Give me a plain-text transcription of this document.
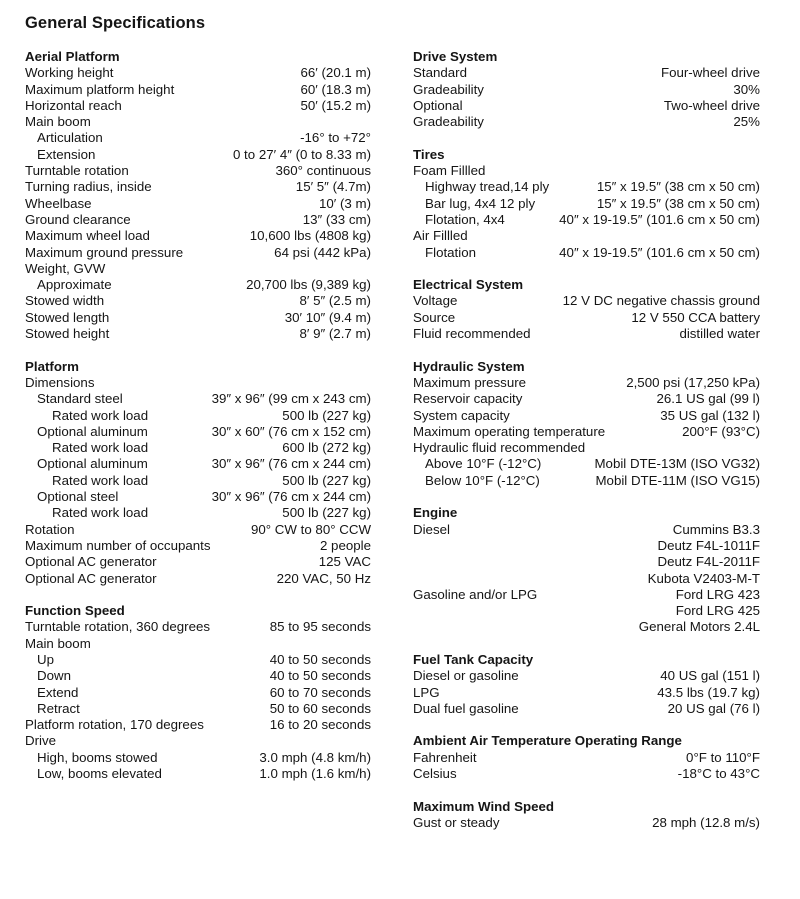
General Specifications
Aerial Platform
Working height	66′ (20.1 m)
Maximum platform height	60′ (18.3 m)
Horizontal reach	50′ (15.2 m)
Main boom
Articulation	-16° to +72°
Extension	0 to 27′ 4″ (0 to 8.33 m)
Turntable rotation	360° continuous
Turning radius, inside	15′ 5″ (4.7m)
Wheelbase	10′ (3 m)
Ground clearance	13″ (33 cm)
Maximum wheel load	10,600 lbs (4808 kg)
Maximum ground pressure	64 psi (442 kPa)
Weight, GVW
Approximate	20,700 lbs (9,389 kg)
Stowed width	8′ 5″ (2.5 m)
Stowed length	30′ 10″ (9.4 m)
Stowed height	8′ 9″ (2.7 m)
Platform
Dimensions
Standard steel	39″ x 96″ (99 cm x 243 cm)
Rated work load	500 lb (227 kg)
Optional aluminum	30″ x 60″ (76 cm x 152 cm)
Rated work load	600 lb (272 kg)
Optional aluminum	30″ x 96″ (76 cm x 244 cm)
Rated work load	500 lb (227 kg)
Optional steel	30″ x 96″ (76 cm x 244 cm)
Rated work load	500 lb (227 kg)
Rotation	90° CW to 80° CCW
Maximum number of occupants	2 people
Optional AC generator	125 VAC
Optional AC generator	220 VAC, 50 Hz
Function Speed
Turntable rotation, 360 degrees	85 to 95 seconds
Main boom
Up	40 to 50 seconds
Down	40 to 50 seconds
Extend	60 to 70 seconds
Retract	50 to 60 seconds
Platform rotation, 170 degrees	16 to 20 seconds
Drive
High, booms stowed	3.0 mph (4.8 km/h)
Low, booms elevated	1.0 mph (1.6 km/h)
Drive System
Standard	Four-wheel drive
Gradeability	30%
Optional	Two-wheel drive
Gradeability	25%
Tires
Foam Fillled
Highway tread,14 ply	15″ x 19.5″ (38 cm x 50 cm)
Bar lug, 4x4 12 ply	15″ x 19.5″ (38 cm x 50 cm)
Flotation, 4x4	40″ x 19-19.5″ (101.6 cm x 50 cm)
Air Fillled
Flotation	40″ x 19-19.5″ (101.6 cm x 50 cm)
Electrical System
Voltage	12 V DC negative chassis ground
Source	12 V 550 CCA battery
Fluid recommended	distilled water
Hydraulic System
Maximum pressure	2,500 psi (17,250 kPa)
Reservoir capacity	26.1 US gal (99 l)
System capacity	35 US gal (132 l)
Maximum operating temperature	200°F (93°C)
Hydraulic fluid recommended
Above 10°F (-12°C)	Mobil DTE-13M (ISO VG32)
Below 10°F (-12°C)	Mobil DTE-11M (ISO VG15)
Engine
Diesel	Cummins B3.3
Deutz F4L-1011F
Deutz F4L-2011F
Kubota V2403-M-T
Gasoline and/or LPG	Ford LRG 423
Ford LRG 425
General Motors 2.4L
Fuel Tank Capacity
Diesel or gasoline	40 US gal (151 l)
LPG	43.5 lbs (19.7 kg)
Dual fuel gasoline	20 US gal (76 l)
Ambient Air Temperature Operating Range
Fahrenheit	0°F to 110°F
Celsius	-18°C to 43°C
Maximum Wind Speed
Gust or steady	28 mph (12.8 m/s)
